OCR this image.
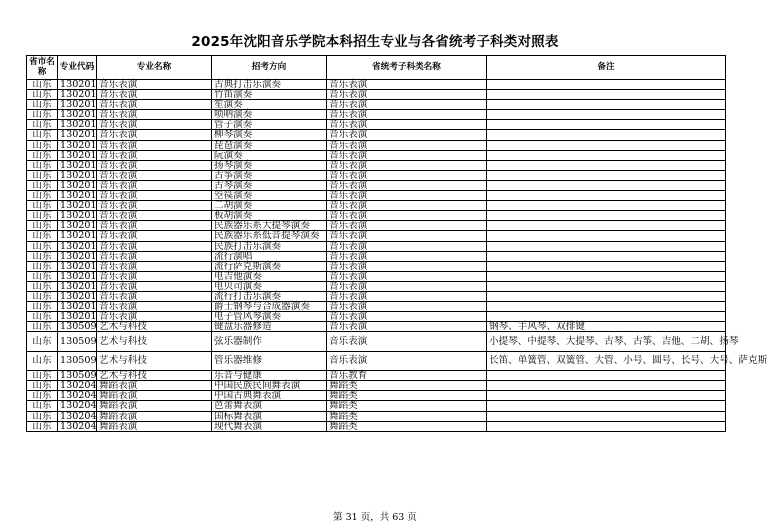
2025年沈阳音乐学院本科招生专业与各省统考子科类对照表
省市名称	专业代码	专业名称	招考方向	省统考子科类名称	备注
山东	130201	音乐表演	古典打击乐演奏	音乐表演	
山东	130201	音乐表演	竹笛演奏	音乐表演	
山东	130201	音乐表演	笙演奏	音乐表演	
山东	130201	音乐表演	唢呐演奏	音乐表演	
山东	130201	音乐表演	管子演奏	音乐表演	
山东	130201	音乐表演	柳琴演奏	音乐表演	
山东	130201	音乐表演	琵琶演奏	音乐表演	
山东	130201	音乐表演	阮演奏	音乐表演	
山东	130201	音乐表演	扬琴演奏	音乐表演	
山东	130201	音乐表演	古筝演奏	音乐表演	
山东	130201	音乐表演	古琴演奏	音乐表演	
山东	130201	音乐表演	箜篌演奏	音乐表演	
山东	130201	音乐表演	二胡演奏	音乐表演	
山东	130201	音乐表演	板胡演奏	音乐表演	
山东	130201	音乐表演	民族器乐系大提琴演奏	音乐表演	
山东	130201	音乐表演	民族器乐系低音提琴演奏	音乐表演	
山东	130201	音乐表演	民族打击乐演奏	音乐表演	
山东	130201	音乐表演	流行演唱	音乐表演	
山东	130201	音乐表演	流行萨克斯演奏	音乐表演	
山东	130201	音乐表演	电吉他演奏	音乐表演	
山东	130201	音乐表演	电贝司演奏	音乐表演	
山东	130201	音乐表演	流行打击乐演奏	音乐表演	
山东	130201	音乐表演	爵士钢琴与合成器演奏	音乐表演	
山东	130201	音乐表演	电子管风琴演奏	音乐表演	
山东	130509	艺术与科技	键盘乐器修造	音乐表演	钢琴、手风琴、双排键
山东	130509	艺术与科技	弦乐器制作	音乐表演	小提琴、中提琴、大提琴、古琴、古筝、吉他、二胡、扬琴
山东	130509	艺术与科技	管乐器维修	音乐表演	长笛、单簧管、双簧管、大管、小号、圆号、长号、大号、萨克斯
山东	130509	艺术与科技	乐音与健康	音乐教育	
山东	130204	舞蹈表演	中国民族民间舞表演	舞蹈类	
山东	130204	舞蹈表演	中国古典舞表演	舞蹈类	
山东	130204	舞蹈表演	芭蕾舞表演	舞蹈类	
山东	130204	舞蹈表演	国标舞表演	舞蹈类	
山东	130204	舞蹈表演	现代舞表演	舞蹈类	
第 31 页，共 63 页
